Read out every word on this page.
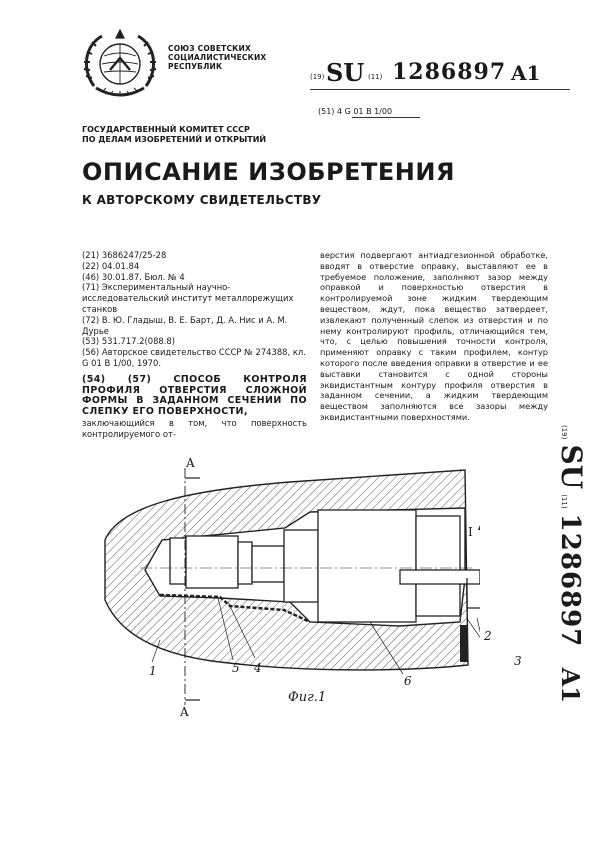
СОЮЗ СОВЕТСКИХ
СОЦИАЛИСТИЧЕСКИХ
РЕСПУБЛИК
(19) SU (11) 1286897 A1
(51) 4 G 01 B 1/00
ГОСУДАРСТВЕННЫЙ КОМИТЕТ СССР
ПО ДЕЛАМ ИЗОБРЕТЕНИЙ И ОТКРЫТИЙ
ОПИСАНИЕ ИЗОБРЕТЕНИЯ
К АВТОРСКОМУ СВИДЕТЕЛЬСТВУ
(21) 3686247/25-28
(22) 04.01.84
(46) 30.01.87. Бюл. № 4
(71) Экспериментальный научно-исследовательский институт металлорежущих станков
(72) В. Ю. Гладыш, В. Е. Барт, Д. А. Нис и А. М. Дурье
(53) 531.717.2(088.8)
(56) Авторское свидетельство СССР № 274388, кл. G 01 B 1/00, 1970.
(54) (57) СПОСОБ КОНТРОЛЯ ПРОФИЛЯ ОТВЕРСТИЯ СЛОЖНОЙ ФОРМЫ В ЗАДАННОМ СЕЧЕНИИ ПО СЛЕПКУ ЕГО ПОВЕРХНОСТИ,
заключающийся в том, что поверхность контролируемого от-
верстия подвергают антиадгезионной обработке, вводят в отверстие оправку, выставляют ее в требуемое положение, заполняют зазор между оправкой и поверхностью отверстия в контролируемой зоне жидким твердеющим веществом, ждут, пока вещество затвердеет, извлекают полученный слепок из отверстия и по нему контролируют профиль, отличающийся тем, что, с целью повышения точности контроля, применяют оправку с таким профилем, контур которого после введения оправки в отверстие и ее выставки становится с одной стороны эквидистантным контуру профиля отверстия в заданном сечении, а жидким твердеющим веществом заполняются все зазоры между эквидистантными поверхностями.
(19) SU (11) 1286897    A1
A
A
I
1
2
3
4
5
6
Фиг.1
